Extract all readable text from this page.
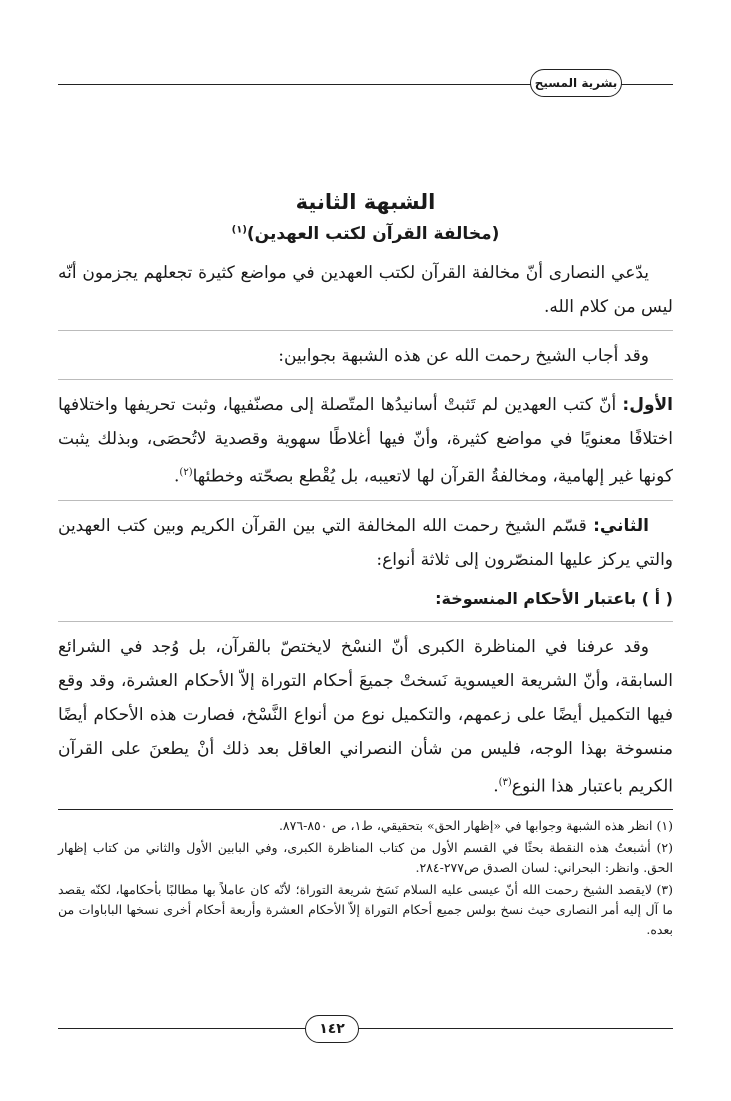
بشرية المسيح
الشبهة الثانية
(مخالفة القرآن لكتب العهدين)$^{(١)}$

يدّعي النصارى أنّ مخالفة القرآن لكتب العهدين في مواضع كثيرة تجعلهم يجزمون أنّه ليس من كلام الله.

وقد أجاب الشيخ رحمت الله عن هذه الشبهة بجوابين:

الأول: أنّ كتب العهدين لم تَثبتْ أسانيدُها المتّصلة إلى مصنّفيها، وثبت تحريفها واختلافها اختلافًا معنويًا في مواضع كثيرة، وأنّ فيها أغلاطًا سهوية وقصدية لاتُحصَى، وبذلك يثبت كونها غير إلهامية، ومخالفةُ القرآن لها لاتعيبه، بل يُقْطع بصحّته وخطئها$^{(٢)}$.

الثاني: قسّم الشيخ رحمت الله المخالفة التي بين القرآن الكريم وبين كتب العهدين والتي يركز عليها المنصّرون إلى ثلاثة أنواع:

( أ ) باعتبار الأحكام المنسوخة:

وقد عرفنا في المناظرة الكبرى أنّ النسْخ لايختصّ بالقرآن، بل وُجد في الشرائع السابقة، وأنّ الشريعة العيسوية نَسختْ جميعَ أحكام التوراة إلاّ الأحكام العشرة، وقد وقع فيها التكميل أيضًا على زعمهم، والتكميل نوع من أنواع النَّسْخ، فصارت هذه الأحكام أيضًا منسوخة بهذا الوجه، فليس من شأن النصراني العاقل بعد ذلك أنْ يطعنَ على القرآن الكريم باعتبار هذا النوع$^{(٣)}$.

(١) انظر هذه الشبهة وجوابها في «إظهار الحق» بتحقيقي، ط١، ص ٨٥٠-٨٧٦.

(٢) أشبعتُ هذه النقطة بحثًا في القسم الأول من كتاب المناظرة الكبرى، وفي البابين الأول والثاني من كتاب إظهار الحق. وانظر: البحراني: لسان الصدق ص٢٧٧-٢٨٤.

(٣) لايقصد الشيخ رحمت الله أنّ عيسى عليه السلام نَسَخ شريعة التوراة؛ لأنّه كان عاملاً بها مطالبًا بأحكامها، لكنّه يقصد ما آل إليه أمر النصارى حيث نسخ بولس جميع أحكام التوراة إلاّ الأحكام العشرة وأربعة أحكام أخرى نسخها الباباوات من بعده.

١٤٢
